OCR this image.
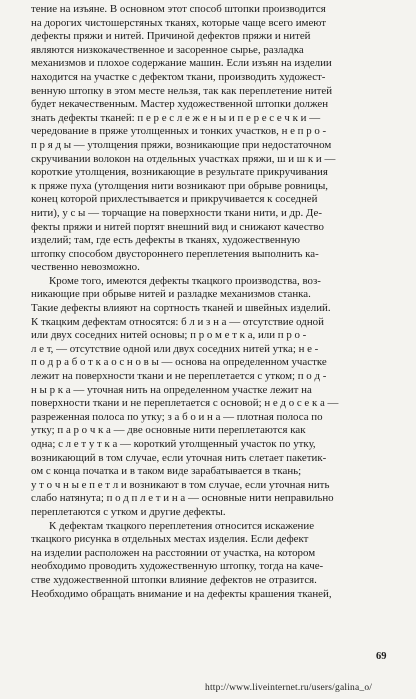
тение на изъяне. В основном этот способ штопки производится
на дорогих чистошерстяных тканях, которые чаще всего имеют
дефекты пряжи и нитей. Причиной дефектов пряжи и нитей
являются низкокачественное и засоренное сырье, разладка
механизмов и плохое содержание машин. Если изъян на изделии
находится на участке с дефектом ткани, производить художест-
венную штопку в этом месте нельзя, так как переплетение нитей
будет некачественным. Мастер художественной штопки должен
знать дефекты тканей: п е р е с л е ж е н ы и п е р е с е ч к и —
чередование в пряже утолщенных и тонких участков, н е п р о -
п р я д ы — утолщения пряжи, возникающие при недостаточном
скручивании волокон на отдельных участках пряжи, ш и ш к и —
короткие утолщения, возникающие в результате прикручивания
к пряже пуха (утолщения нити возникают при обрыве ровницы,
конец которой прихлестывается и прикручивается к соседней
нити), у с ы — торчащие на поверхности ткани нити, и др. Де-
фекты пряжи и нитей портят внешний вид и снижают качество
изделий; там, где есть дефекты в тканях, художественную
штопку способом двустороннего переплетения выполнить ка-
чественно невозможно.
Кроме того, имеются дефекты ткацкого производства, воз-
никающие при обрыве нитей и разладке механизмов станка.
Такие дефекты влияют на сортность тканей и швейных изделий.
К ткацким дефектам относятся: б л и з н а — отсутствие одной
или двух соседних нитей основы; п р о м е т к а, или п р о -
л е т, — отсутствие одной или двух соседних нитей утка; н е -
п о д р а б о т к а о с н о в ы — основа на определенном участке
лежит на поверхности ткани и не переплетается с утком; п о д -
н ы р к а — уточная нить на определенном участке лежит на
поверхности ткани и не переплетается с основой; н е д о с е к а —
разреженная полоса по утку; з а б о и н а — плотная полоса по
утку; п а р о ч к а — две основные нити переплетаются как
одна; с л е т у т к а — короткий утолщенный участок по утку,
возникающий в том случае, если уточная нить слетает пакетик-
ом с конца початка и в таком виде зарабатывается в ткань;
у т о ч н ы е п е т л и возникают в том случае, если уточная нить
слабо натянута; п о д п л е т и н а — основные нити неправильно
переплетаются с утком и другие дефекты.
К дефектам ткацкого переплетения относится искажение
ткацкого рисунка в отдельных местах изделия. Если дефект
на изделии расположен на расстоянии от участка, на котором
необходимо проводить художественную штопку, тогда на каче-
стве художественной штопки влияние дефектов не отразится.
Необходимо обращать внимание и на дефекты крашения тканей,
69
http://www.liveinternet.ru/users/galina_o/
